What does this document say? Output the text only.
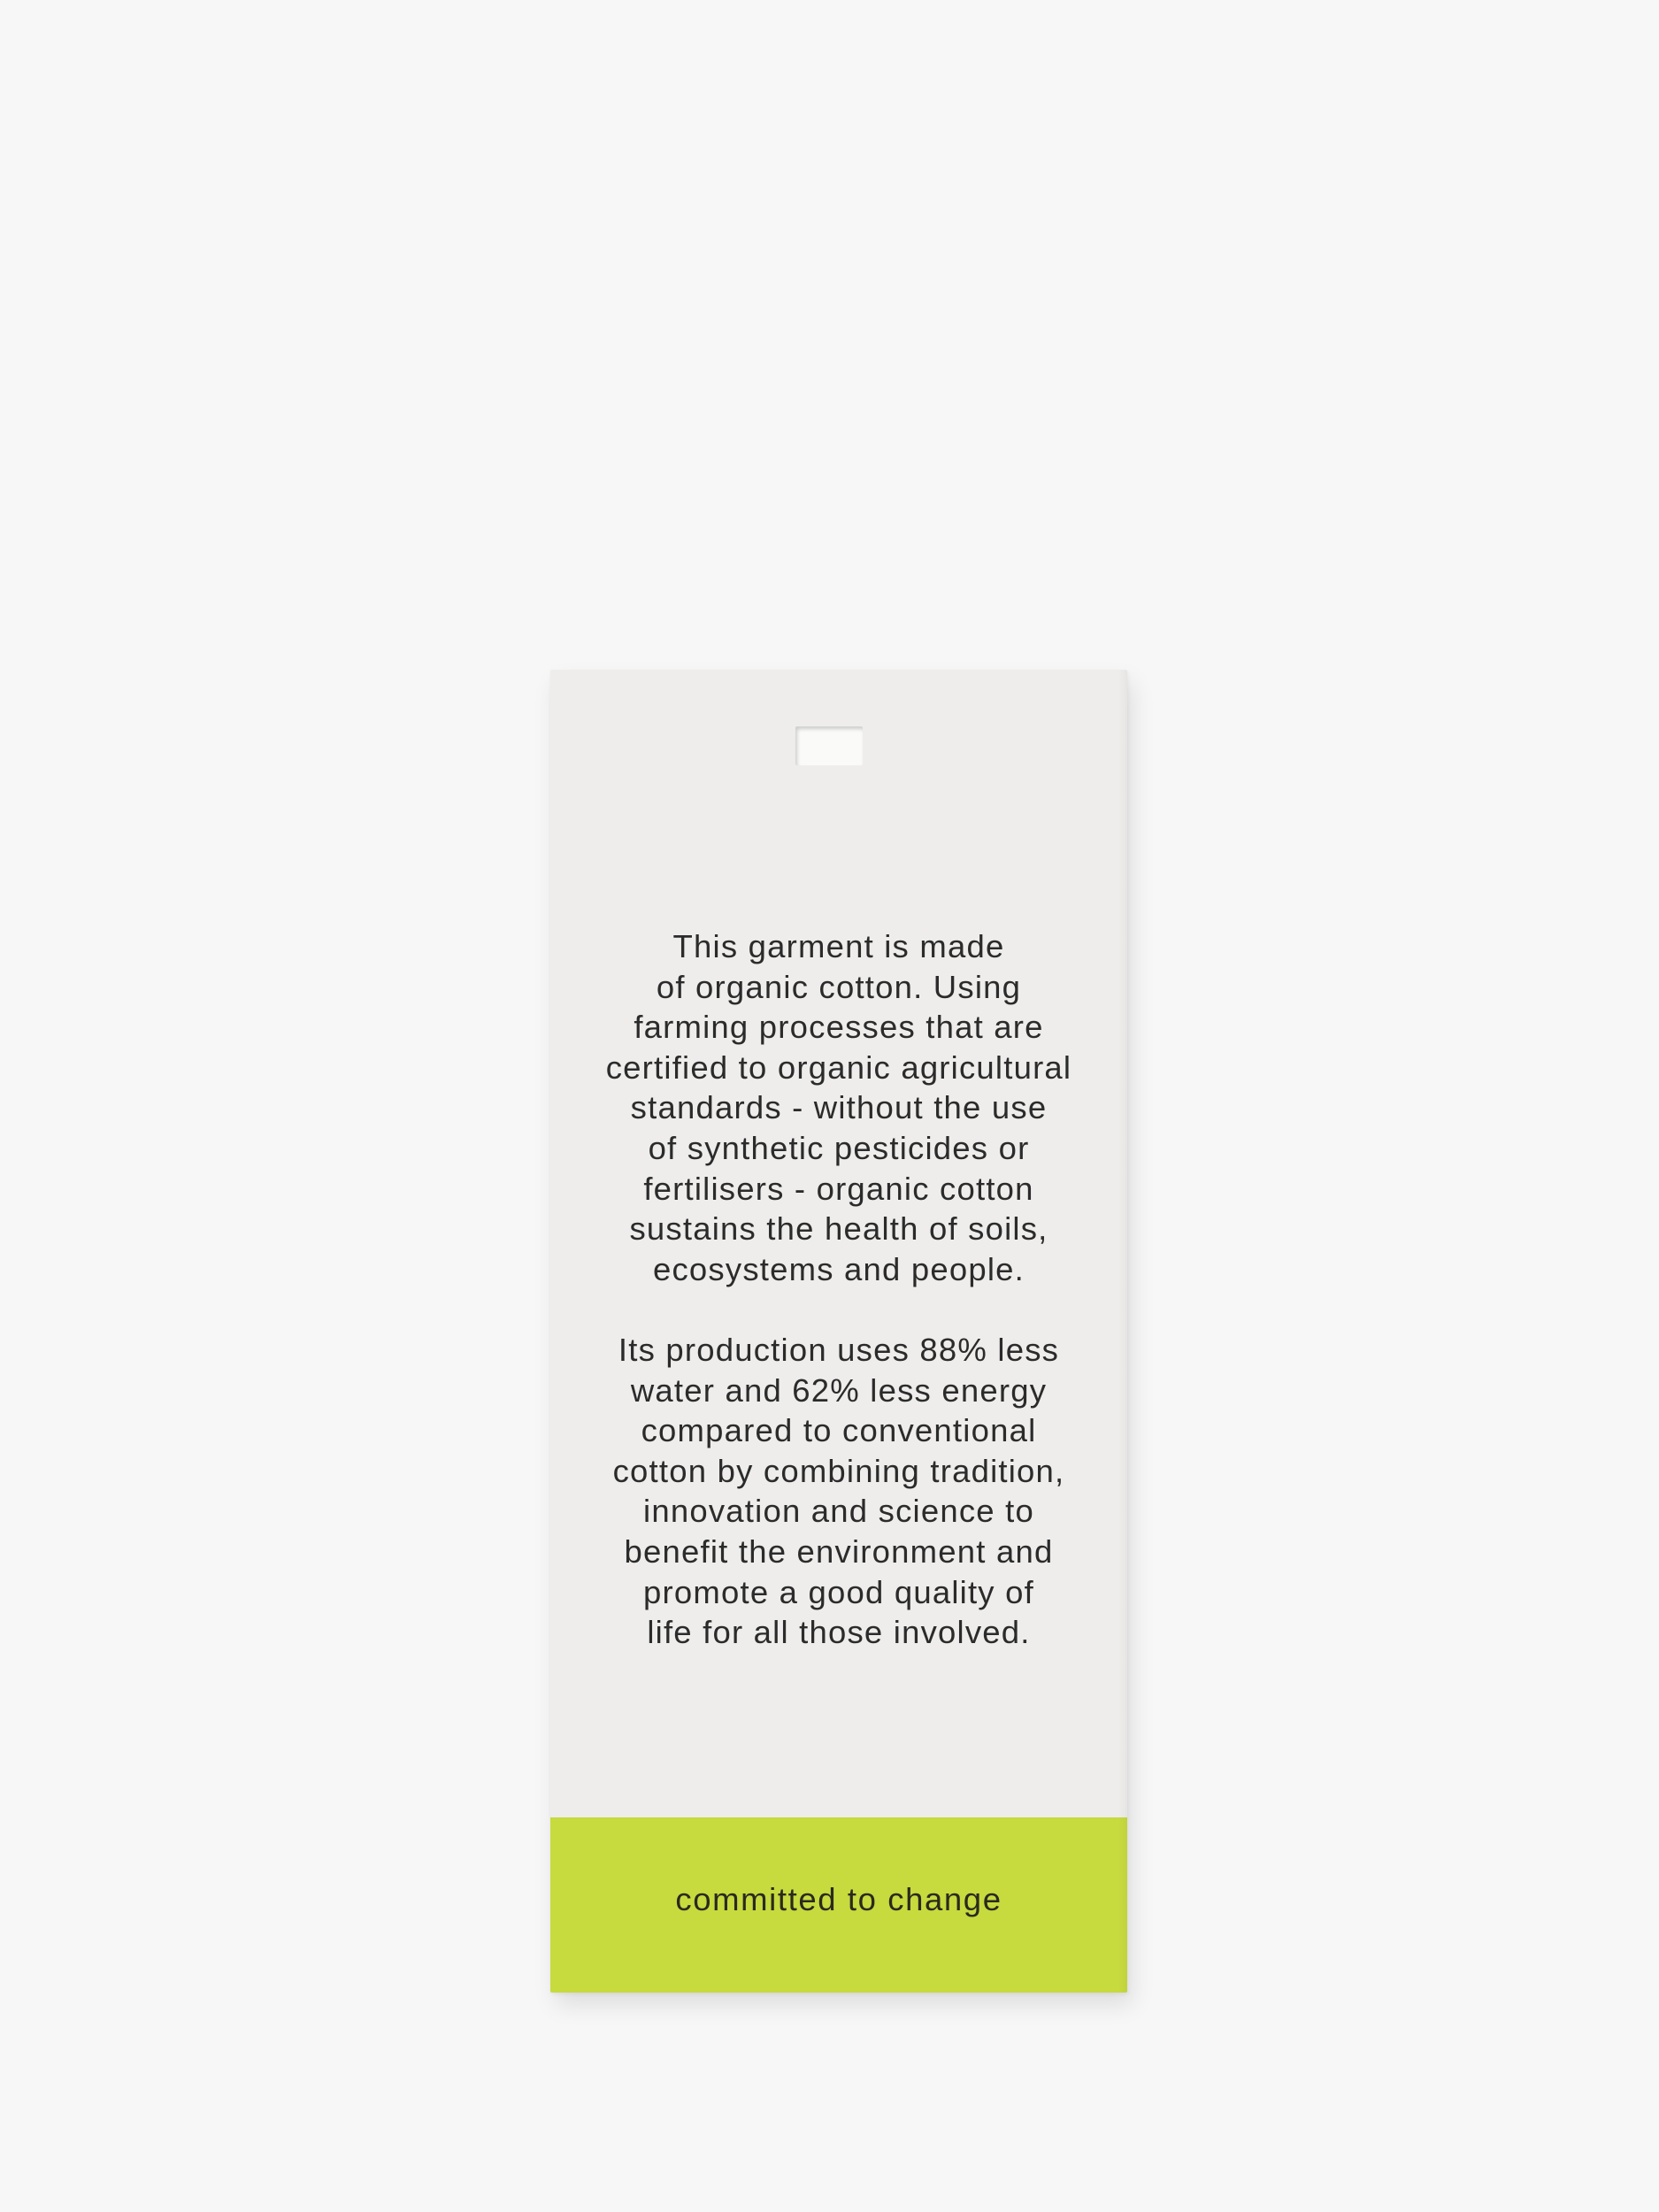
This garment is made
of organic cotton. Using
farming processes that are
certified to organic agricultural
standards - without the use
of synthetic pesticides or
fertilisers - organic cotton
sustains the health of soils,
ecosystems and people.
Its production uses 88% less
water and 62% less energy
compared to conventional
cotton by combining tradition,
innovation and science to
benefit the environment and
promote a good quality of
life for all those involved.
committed to change
